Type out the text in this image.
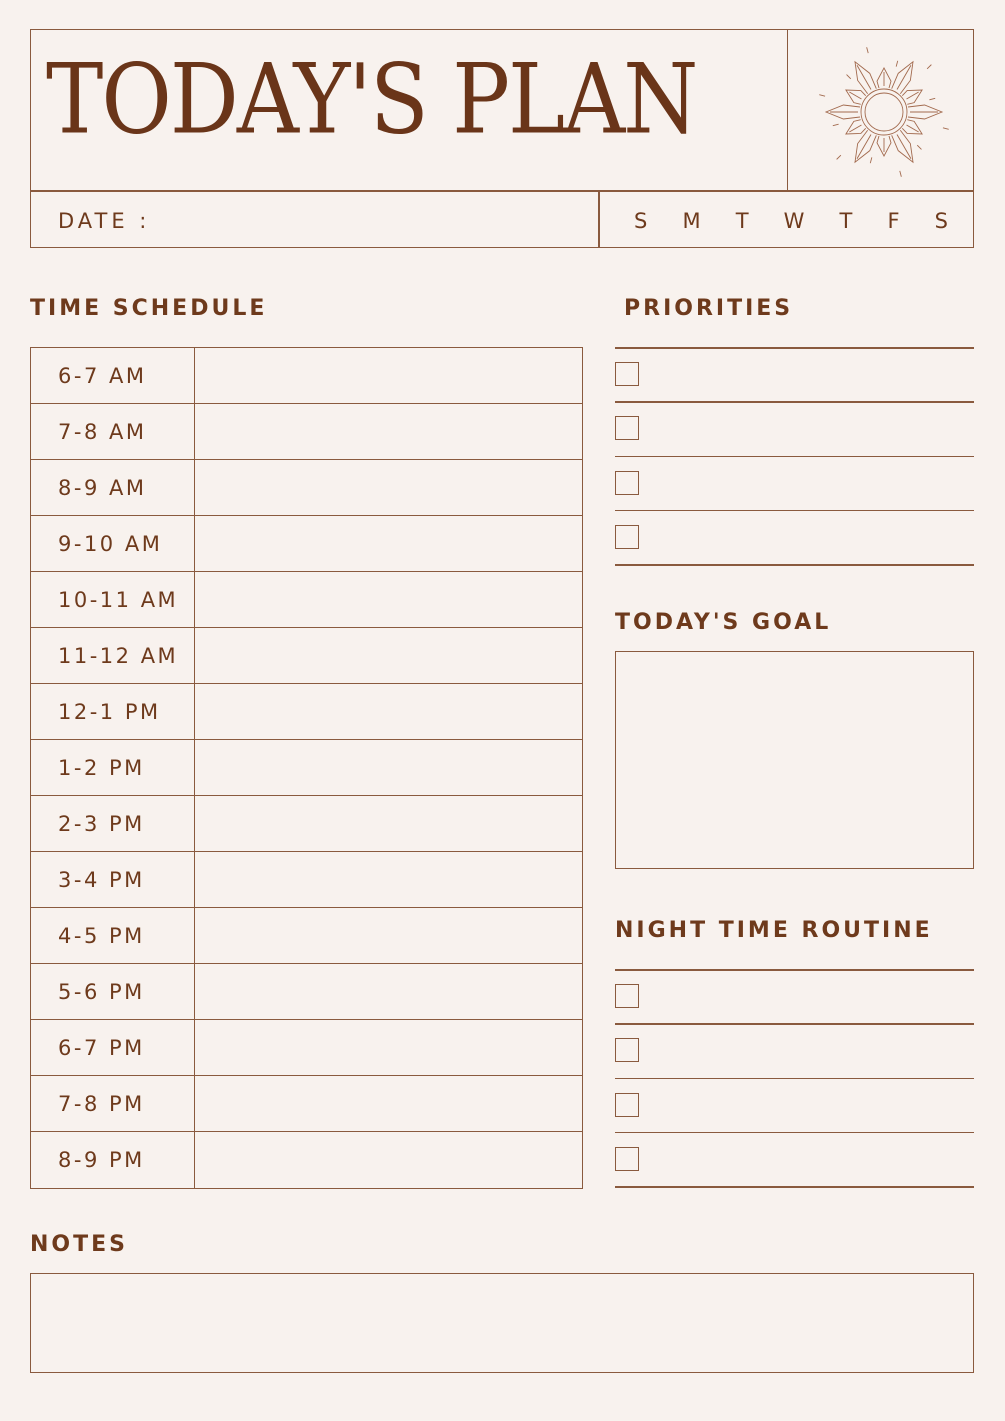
TODAY'S PLAN
DATE :	S M T W T F S
TIME SCHEDULE
6-7 AM
7-8 AM
8-9 AM
9-10 AM
10-11 AM
11-12 AM
12-1 PM
1-2 PM
2-3 PM
3-4 PM
4-5 PM
5-6 PM
6-7 PM
7-8 PM
8-9 PM
PRIORITIES
TODAY'S GOAL
NIGHT TIME ROUTINE
NOTES
